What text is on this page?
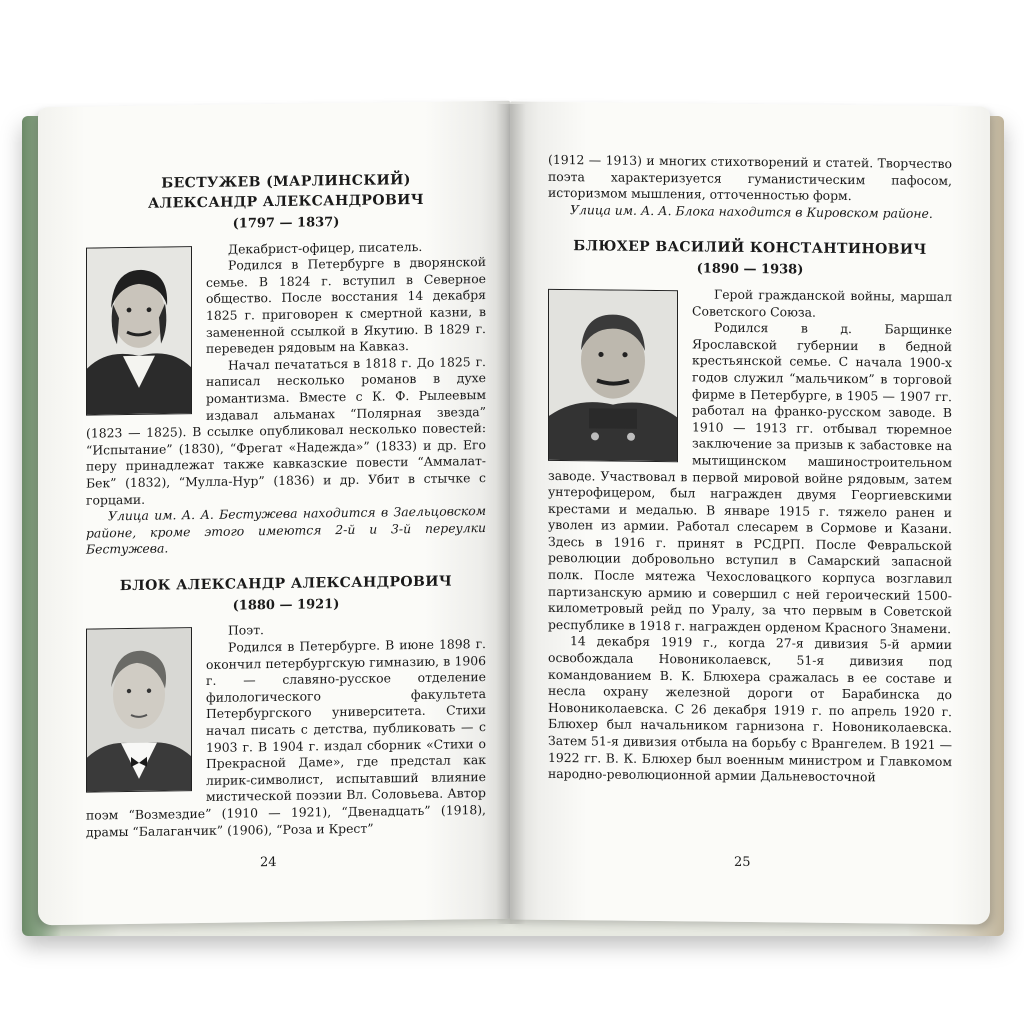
БЕСТУЖЕВ (МАРЛИНСКИЙ)
АЛЕКСАНДР АЛЕКСАНДРОВИЧ
(1797 — 1837)

Декабрист-офицер, писатель.

Родился в Петербурге в дворянской семье. В 1824 г. вступил в Северное общество. После восстания 14 декабря 1825 г. приговорен к смертной казни, в замененной ссылкой в Якутию. В 1829 г. переведен рядовым на Кавказ.

Начал печататься в 1818 г. До 1825 г. написал несколько романов в духе романтизма. Вместе с К. Ф. Рылеевым издавал альманах “Полярная звезда” (1823 — 1825). В ссылке опубликовал несколько повестей: “Испытание” (1830), “Фрегат «Надежда»” (1833) и др. Его перу принадлежат также кавказские повести “Аммалат-Бек” (1832), “Мулла-Нур” (1836) и др. Убит в стычке с горцами.

Улица им. А. А. Бестужева находится в Заельцовском районе, кроме этого имеются 2-й и 3-й переулки Бестужева.

БЛОК АЛЕКСАНДР АЛЕКСАНДРОВИЧ
(1880 — 1921)

Поэт.

Родился в Петербурге. В июне 1898 г. окончил петербургскую гимназию, в 1906 г. — славяно-русское отделение филологического факультета Петербургского университета. Стихи начал писать с детства, публиковать — с 1903 г. В 1904 г. издал сборник «Стихи о Прекрасной Даме», где предстал как лирик-символист, испытавший влияние мистической поэзии Вл. Соловьева. Автор поэм “Возмездие” (1910 — 1921), “Двенадцать” (1918), драмы “Балаганчик” (1906), “Роза и Крест”

24

(1912 — 1913) и многих стихотворений и статей. Творчество поэта характеризуется гуманистическим пафосом, историзмом мышления, отточенностью форм.

Улица им. А. А. Блока находится в Кировском районе.

БЛЮХЕР ВАСИЛИЙ КОНСТАНТИНОВИЧ
(1890 — 1938)

Герой гражданской войны, маршал Советского Союза.

Родился в д. Барщинке Ярославской губернии в бедной крестьянской семье. С начала 1900-х годов служил “мальчиком” в торговой фирме в Петербурге, в 1905 — 1907 гг. работал на франко-русском заводе. В 1910 — 1913 гг. отбывал тюремное заключение за призыв к забастовке на мытищинском машиностроительном заводе. Участвовал в первой мировой войне рядовым, затем унтерофицером, был награжден двумя Георгиевскими крестами и медалью. В январе 1915 г. тяжело ранен и уволен из армии. Работал слесарем в Сормове и Казани. Здесь в 1916 г. принят в РСДРП. После Февральской революции добровольно вступил в Самарский запасной полк. После мятежа Чехословацкого корпуса возглавил партизанскую армию и совершил с ней героический 1500-километровый рейд по Уралу, за что первым в Советской республике в 1918 г. награжден орденом Красного Знамени.

14 декабря 1919 г., когда 27-я дивизия 5-й армии освобождала Новониколаевск, 51-я дивизия под командованием В. К. Блюхера сражалась в ее составе и несла охрану железной дороги от Барабинска до Новониколаевска. С 26 декабря 1919 г. по апрель 1920 г. Блюхер был начальником гарнизона г. Новониколаевска. Затем 51-я дивизия отбыла на борьбу с Врангелем. В 1921 — 1922 гг. В. К. Блюхер был военным министром и Главкомом народно-революционной армии Дальневосточной

25
